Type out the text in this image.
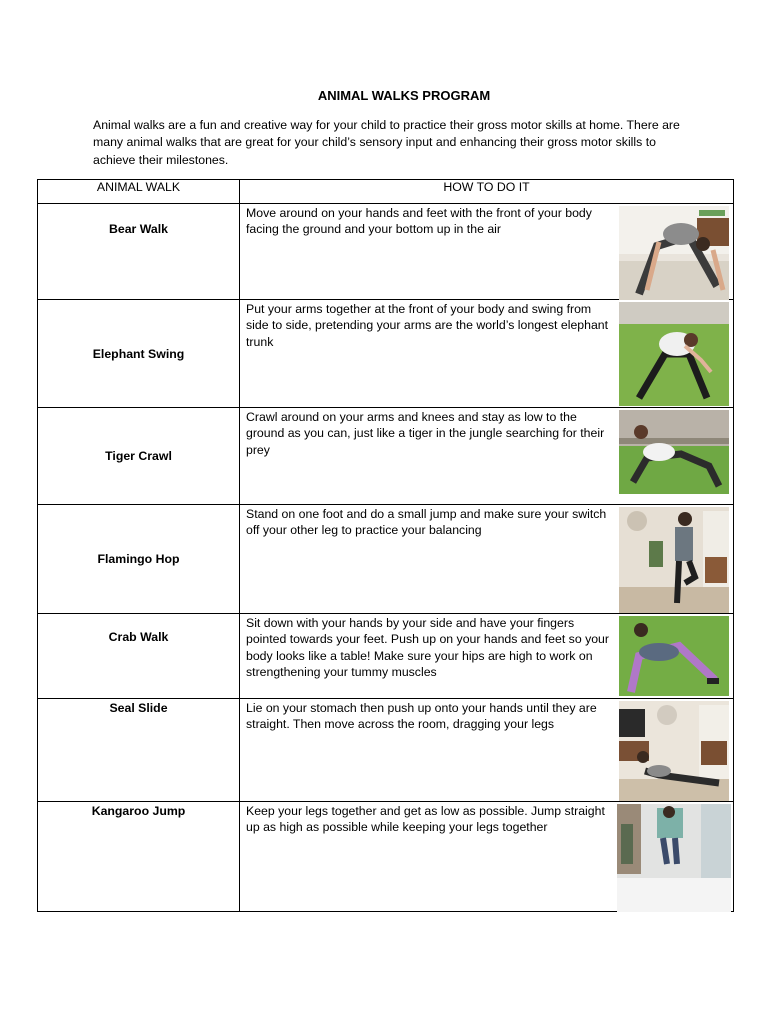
ANIMAL WALKS PROGRAM
Animal walks are a fun and creative way for your child to practice their gross motor skills at home. There are many animal walks that are great for your child’s sensory input and enhancing their gross motor skills to achieve their milestones.
ANIMAL WALK	HOW TO DO IT
Bear Walk	Move around on your hands and feet with the front of your body facing the ground and your bottom up in the air

Elephant Swing	Put your arms together at the front of your body and swing from side to side, pretending your arms are the world’s longest elephant trunk

Tiger Crawl	Crawl around on your arms and knees and stay as low to the ground as you can, just like a tiger in the jungle searching for their prey

Flamingo Hop	Stand on one foot and do a small jump and make sure your switch off your other leg to practice your balancing

Crab Walk	Sit down with your hands by your side and have your fingers pointed towards your feet. Push up on your hands and feet so your body looks like a table! Make sure your hips are high to work on strengthening your tummy muscles

Seal Slide	Lie on your stomach then push up onto your hands until they are straight. Then move across the room, dragging your legs

Kangaroo Jump	Keep your legs together and get as low as possible. Jump straight up as high as possible while keeping your legs together
